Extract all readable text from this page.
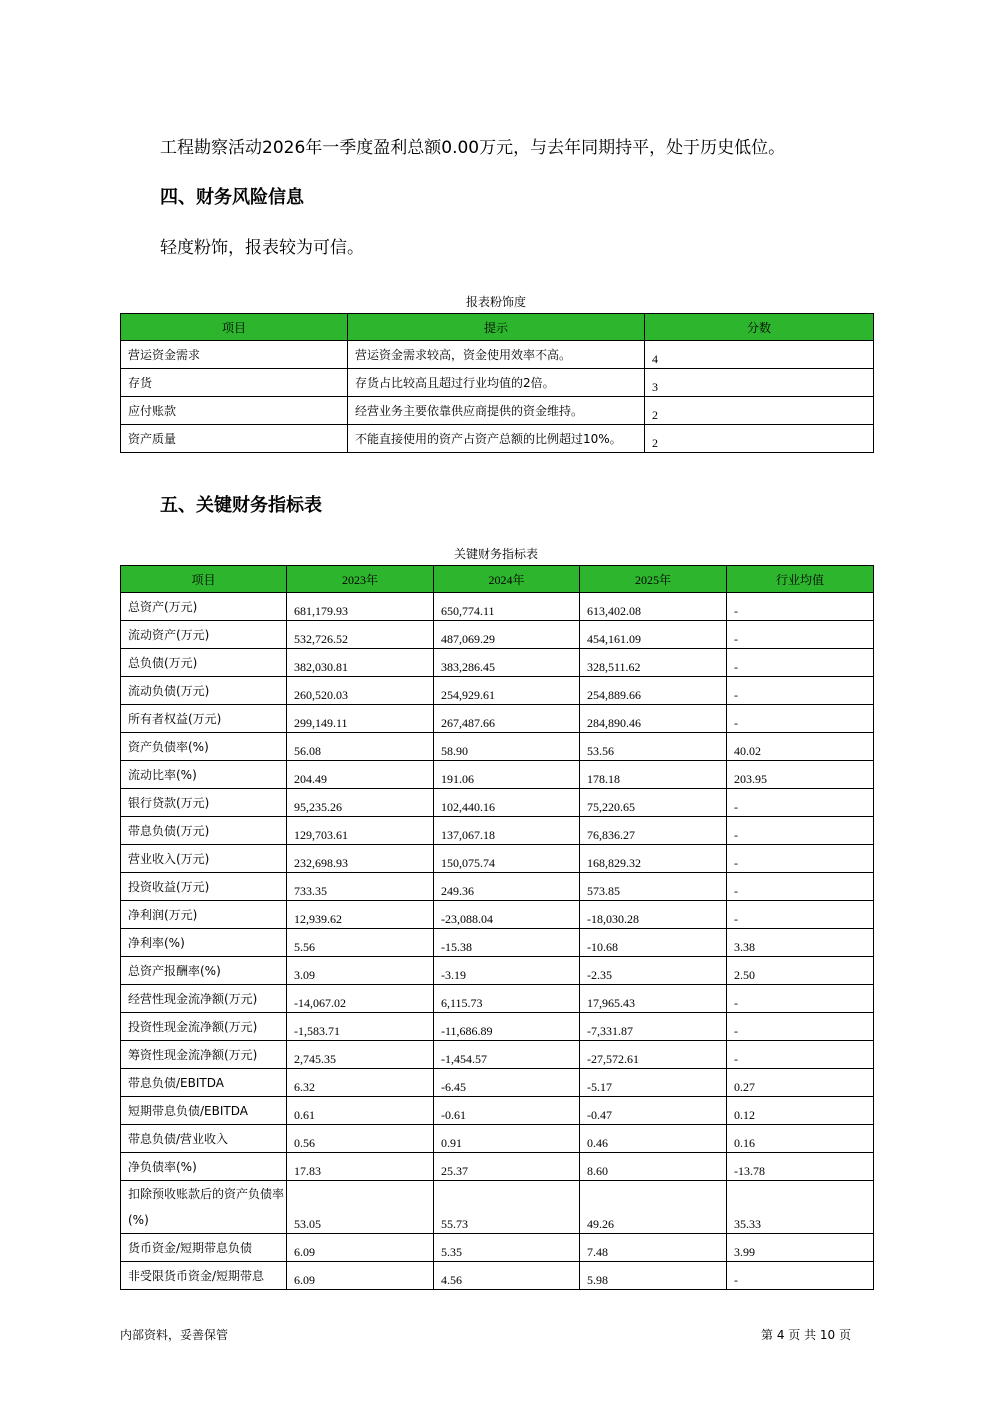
工程勘察活动2026年一季度盈利总额0.00万元，与去年同期持平，处于历史低位。

四、财务风险信息

轻度粉饰，报表较为可信。

报表粉饰度

项目	提示	分数
营运资金需求	营运资金需求较高，资金使用效率不高。	4
存货	存货占比较高且超过行业均值的2倍。	3
应付账款	经营业务主要依靠供应商提供的资金维持。	2
资产质量	不能直接使用的资产占资产总额的比例超过10%。	2
五、关键财务指标表

关键财务指标表

项目	2023年	2024年	2025年	行业均值
总资产(万元)	681,179.93	650,774.11	613,402.08	-
流动资产(万元)	532,726.52	487,069.29	454,161.09	-
总负债(万元)	382,030.81	383,286.45	328,511.62	-
流动负债(万元)	260,520.03	254,929.61	254,889.66	-
所有者权益(万元)	299,149.11	267,487.66	284,890.46	-
资产负债率(%)	56.08	58.90	53.56	40.02
流动比率(%)	204.49	191.06	178.18	203.95
银行贷款(万元)	95,235.26	102,440.16	75,220.65	-
带息负债(万元)	129,703.61	137,067.18	76,836.27	-
营业收入(万元)	232,698.93	150,075.74	168,829.32	-
投资收益(万元)	733.35	249.36	573.85	-
净利润(万元)	12,939.62	-23,088.04	-18,030.28	-
净利率(%)	5.56	-15.38	-10.68	3.38
总资产报酬率(%)	3.09	-3.19	-2.35	2.50
经营性现金流净额(万元)	-14,067.02	6,115.73	17,965.43	-
投资性现金流净额(万元)	-1,583.71	-11,686.89	-7,331.87	-
筹资性现金流净额(万元)	2,745.35	-1,454.57	-27,572.61	-
带息负债/EBITDA	6.32	-6.45	-5.17	0.27
短期带息负债/EBITDA	0.61	-0.61	-0.47	0.12
带息负债/营业收入	0.56	0.91	0.46	0.16
净负债率(%)	17.83	25.37	8.60	-13.78
扣除预收账款后的资产负债率(%)	53.05	55.73	49.26	35.33
货币资金/短期带息负债	6.09	5.35	7.48	3.99
非受限货币资金/短期带息	6.09	4.56	5.98	-

内部资料，妥善保管	第 4 页 共 10 页
